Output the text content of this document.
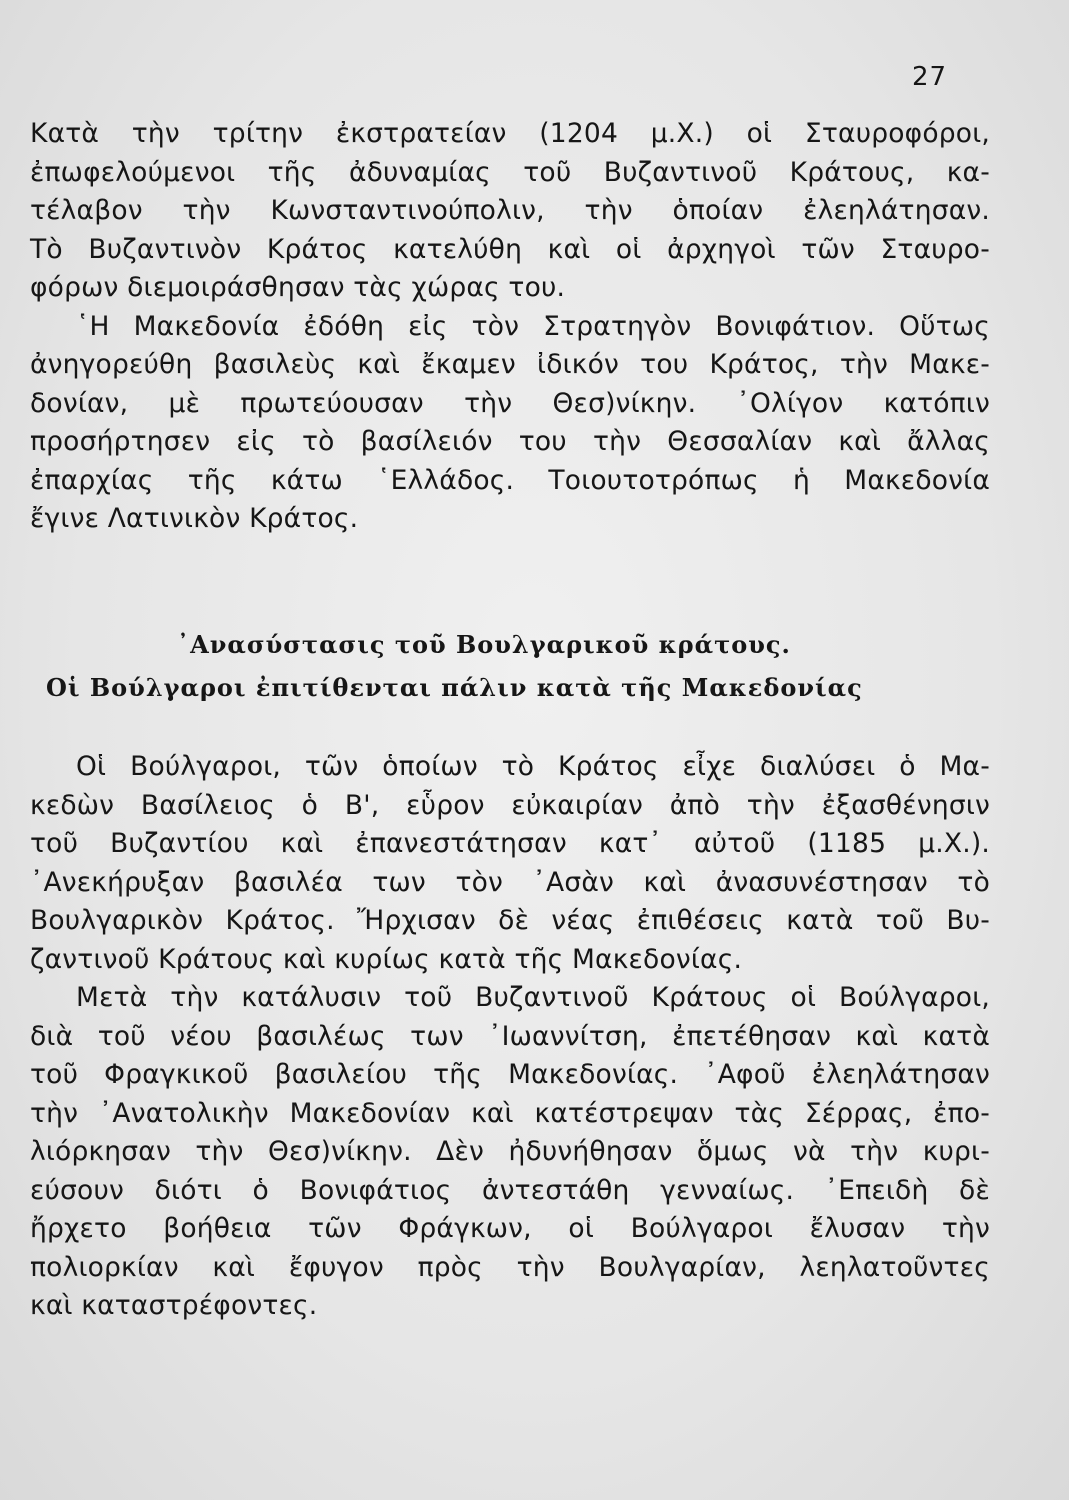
27
Κατὰ τὴν τρίτην ἐκστρατείαν (1204 μ.Χ.) οἱ Σταυροφόροι,
ἐπωφελούμενοι τῆς ἀδυναμίας τοῦ Βυζαντινοῦ Κράτους, κα-
τέλαβον τὴν Κωνσταντινούπολιν, τὴν ὁποίαν ἐλεηλάτησαν.
Τὸ Βυζαντινὸν Κράτος κατελύθη καὶ οἱ ἀρχηγοὶ τῶν Σταυρο-
φόρων διεμοιράσθησαν τὰς χώρας του.
῾Η Μακεδονία ἐδόθη εἰς τὸν Στρατηγὸν Βονιφάτιον. Οὕτως
ἀνηγορεύθη βασιλεὺς καὶ ἔκαμεν ἰδικόν του Κράτος, τὴν Μακε-
δονίαν, μὲ πρωτεύουσαν τὴν Θεσ)νίκην. ᾿Ολίγον κατόπιν
προσήρτησεν εἰς τὸ βασίλειόν του τὴν Θεσσαλίαν καὶ ἄλλας
ἐπαρχίας τῆς κάτω ῾Ελλάδος. Τοιουτοτρόπως ἡ Μακεδονία
ἔγινε Λατινικὸν Κράτος.
᾿Ανασύστασις τοῦ Βουλγαρικοῦ κράτους.
Οἱ Βούλγαροι ἐπιτίθενται πάλιν κατὰ τῆς Μακεδονίας
Οἱ Βούλγαροι, τῶν ὁποίων τὸ Κράτος εἶχε διαλύσει ὁ Μα-
κεδὼν Βασίλειος ὁ Β', εὗρον εὐκαιρίαν ἀπὸ τὴν ἐξασθένησιν
τοῦ Βυζαντίου καὶ ἐπανεστάτησαν κατ᾿ αὐτοῦ (1185 μ.Χ.).
᾿Ανεκήρυξαν βασιλέα των τὸν ᾿Ασὰν καὶ ἀνασυνέστησαν τὸ
Βουλγαρικὸν Κράτος. Ἤρχισαν δὲ νέας ἐπιθέσεις κατὰ τοῦ Βυ-
ζαντινοῦ Κράτους καὶ κυρίως κατὰ τῆς Μακεδονίας.
Μετὰ τὴν κατάλυσιν τοῦ Βυζαντινοῦ Κράτους οἱ Βούλγαροι,
διὰ τοῦ νέου βασιλέως των ᾿Ιωαννίτση, ἐπετέθησαν καὶ κατὰ
τοῦ Φραγκικοῦ βασιλείου τῆς Μακεδονίας. ᾿Αφοῦ ἐλεηλάτησαν
τὴν ᾿Ανατολικὴν Μακεδονίαν καὶ κατέστρεψαν τὰς Σέρρας, ἐπο-
λιόρκησαν τὴν Θεσ)νίκην. Δὲν ἠδυνήθησαν ὅμως νὰ τὴν κυρι-
εύσουν διότι ὁ Βονιφάτιος ἀντεστάθη γενναίως. ᾿Επειδὴ δὲ
ἤρχετο βοήθεια τῶν Φράγκων, οἱ Βούλγαροι ἔλυσαν τὴν
πολιορκίαν καὶ ἔφυγον πρὸς τὴν Βουλγαρίαν, λεηλατοῦντες
καὶ καταστρέφοντες.
